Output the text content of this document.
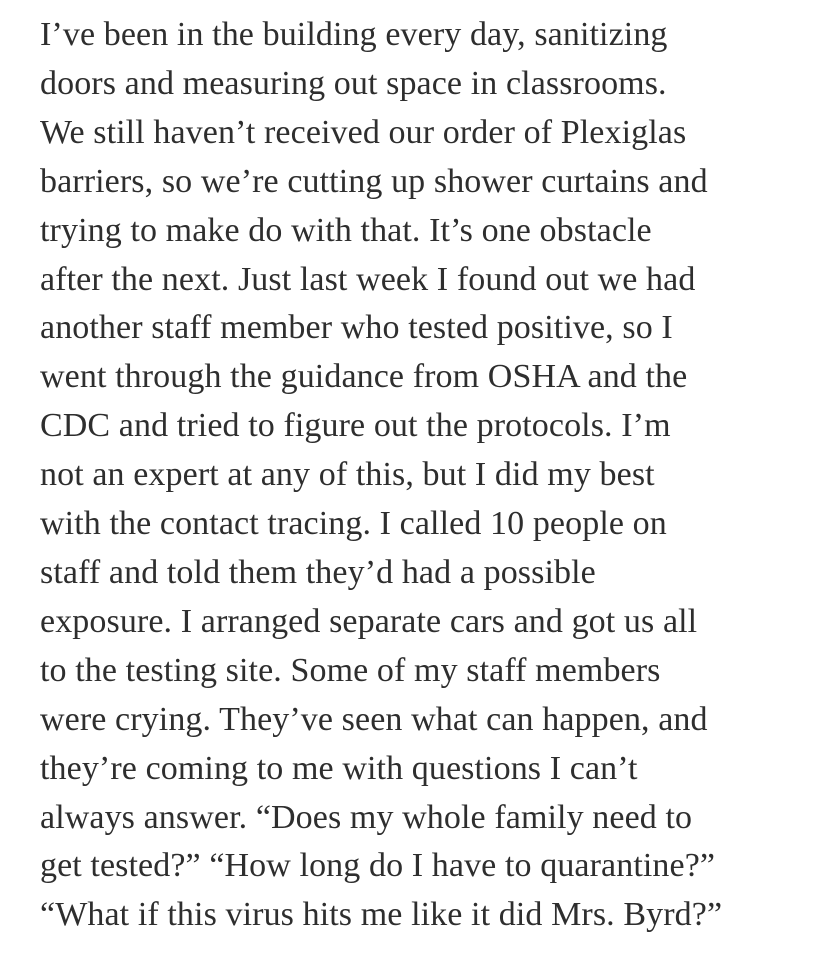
I’ve been in the building every day, sanitizing

doors and measuring out space in classrooms.

We still haven’t received our order of Plexiglas

barriers, so we’re cutting up shower curtains and

trying to make do with that. It’s one obstacle

after the next. Just last week I found out we had

another staff member who tested positive, so I

went through the guidance from OSHA and the

CDC and tried to figure out the protocols. I’m

not an expert at any of this, but I did my best

with the contact tracing. I called 10 people on

staff and told them they’d had a possible

exposure. I arranged separate cars and got us all

to the testing site. Some of my staff members

were crying. They’ve seen what can happen, and

they’re coming to me with questions I can’t

always answer. “Does my whole family need to

get tested?” “How long do I have to quarantine?”

“What if this virus hits me like it did Mrs. Byrd?”
